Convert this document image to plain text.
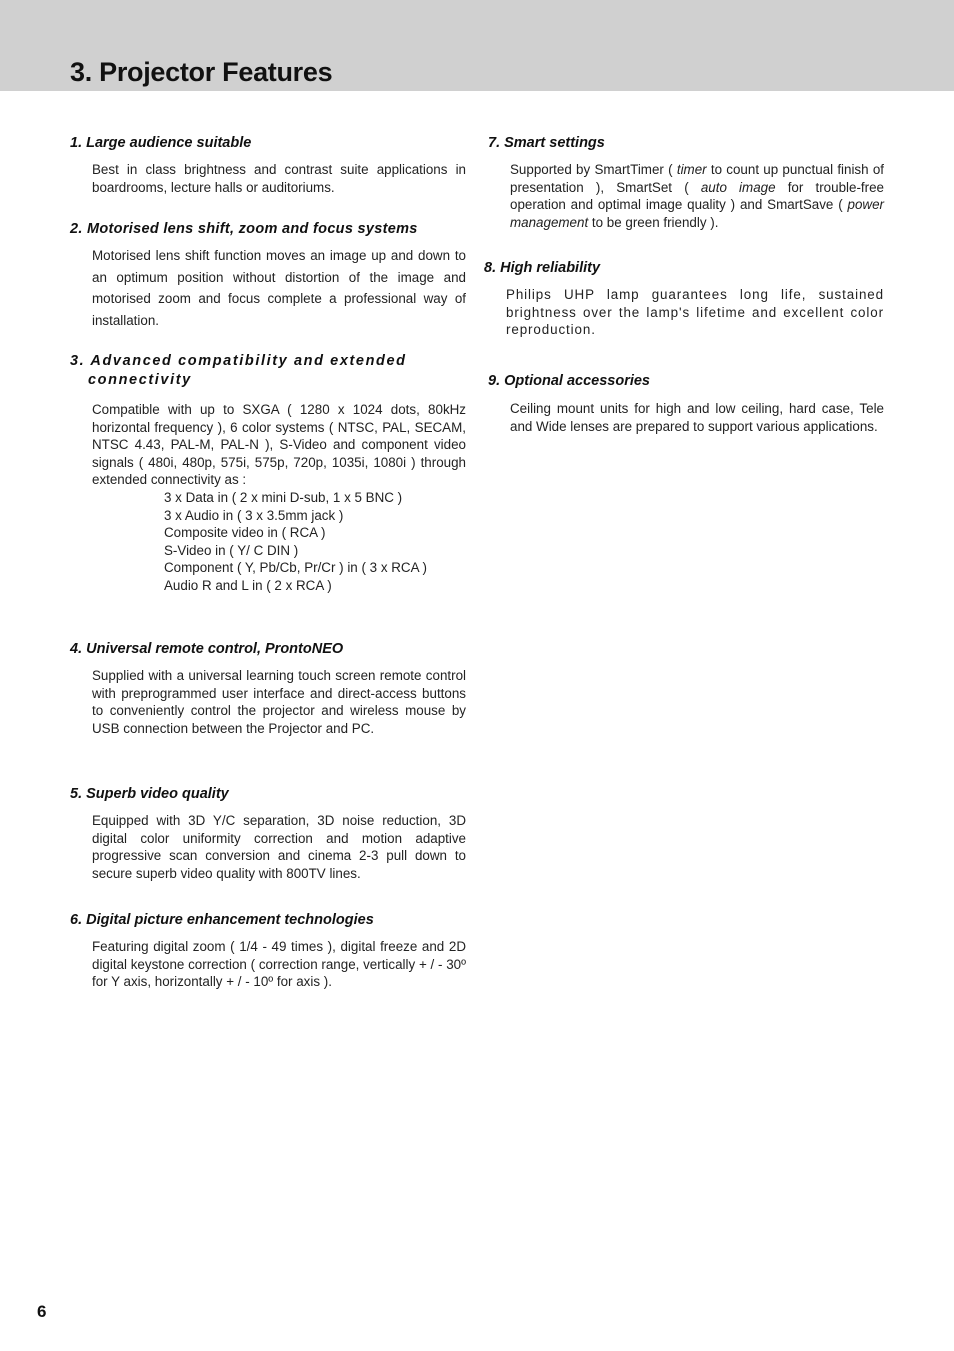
3. Projector Features
1. Large audience suitable

Best in class brightness and contrast suite applications in boardrooms, lecture halls or auditoriums.

2. Motorised lens shift, zoom and focus systems

Motorised lens shift function moves an image up and down to an optimum position without distortion of the image and motorised zoom and focus complete a professional way of installation.

3. Advanced compatibility and extended
connectivity

Compatible with up to SXGA ( 1280 x 1024 dots, 80kHz horizontal frequency ), 6 color systems ( NTSC, PAL, SECAM, NTSC 4.43, PAL-M, PAL-N ), S-Video and component video signals ( 480i, 480p, 575i, 575p, 720p, 1035i, 1080i ) through extended connectivity as :

3 x Data in ( 2 x mini D-sub, 1 x 5 BNC )
3 x Audio in ( 3 x 3.5mm jack )
Composite video in ( RCA )
S-Video in ( Y/ C DIN )
Component ( Y, Pb/Cb, Pr/Cr ) in ( 3 x RCA )
Audio R and L in ( 2 x RCA )
4. Universal remote control, ProntoNEO

Supplied with a universal learning touch screen remote control with preprogrammed user interface and direct-access buttons to conveniently control the projector and wireless mouse by USB connection between the Projector and PC.

5. Superb video quality

Equipped with 3D Y/C separation, 3D noise reduction, 3D digital color uniformity correction and motion adaptive progressive scan conversion and cinema 2-3 pull down to secure superb video quality with 800TV lines.

6. Digital picture enhancement technologies

Featuring digital zoom ( 1/4 - 49 times ), digital freeze and 2D digital keystone correction ( correction range, vertically + / - 30º for Y axis, horizontally + / - 10º for axis ).

7. Smart settings

Supported by SmartTimer ( timer to count up punctual finish of presentation ), SmartSet ( auto image for trouble-free operation and optimal image quality ) and SmartSave ( power management to be green friendly ).

8. High reliability

Philips UHP lamp guarantees long life, sustained brightness over the lamp's lifetime and excellent color reproduction.

9. Optional accessories

Ceiling mount units for high and low ceiling, hard case, Tele and Wide lenses are prepared to support various applications.

6
